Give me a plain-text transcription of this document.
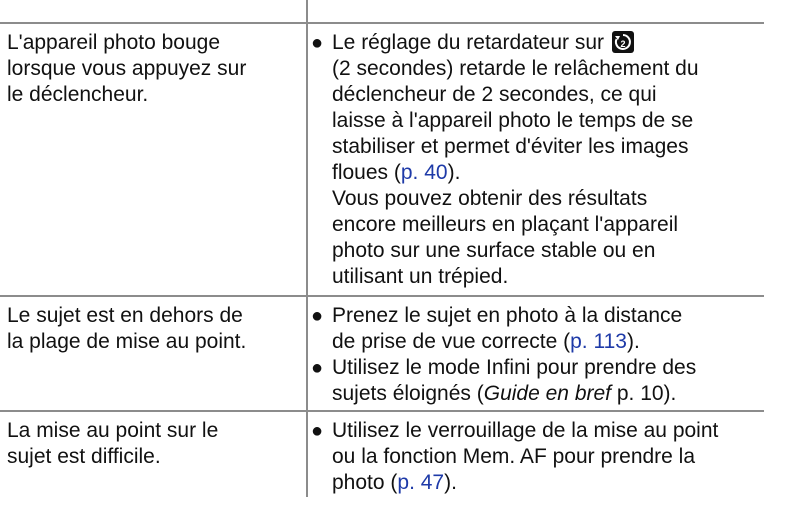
L'appareil photo bouge
lorsque vous appuyez sur
le déclencheur.
● Le réglage du retardateur sur 2
(2 secondes) retarde le relâchement du
déclencheur de 2 secondes, ce qui
laisse à l'appareil photo le temps de se
stabiliser et permet d'éviter les images
floues (p. 40).
Vous pouvez obtenir des résultats
encore meilleurs en plaçant l'appareil
photo sur une surface stable ou en
utilisant un trépied.
Le sujet est en dehors de
la plage de mise au point.
● Prenez le sujet en photo à la distance
de prise de vue correcte (p. 113).
● Utilisez le mode Infini pour prendre des
sujets éloignés (Guide en bref p. 10).
La mise au point sur le
sujet est difficile.
● Utilisez le verrouillage de la mise au point
ou la fonction Mem. AF pour prendre la
photo (p. 47).
